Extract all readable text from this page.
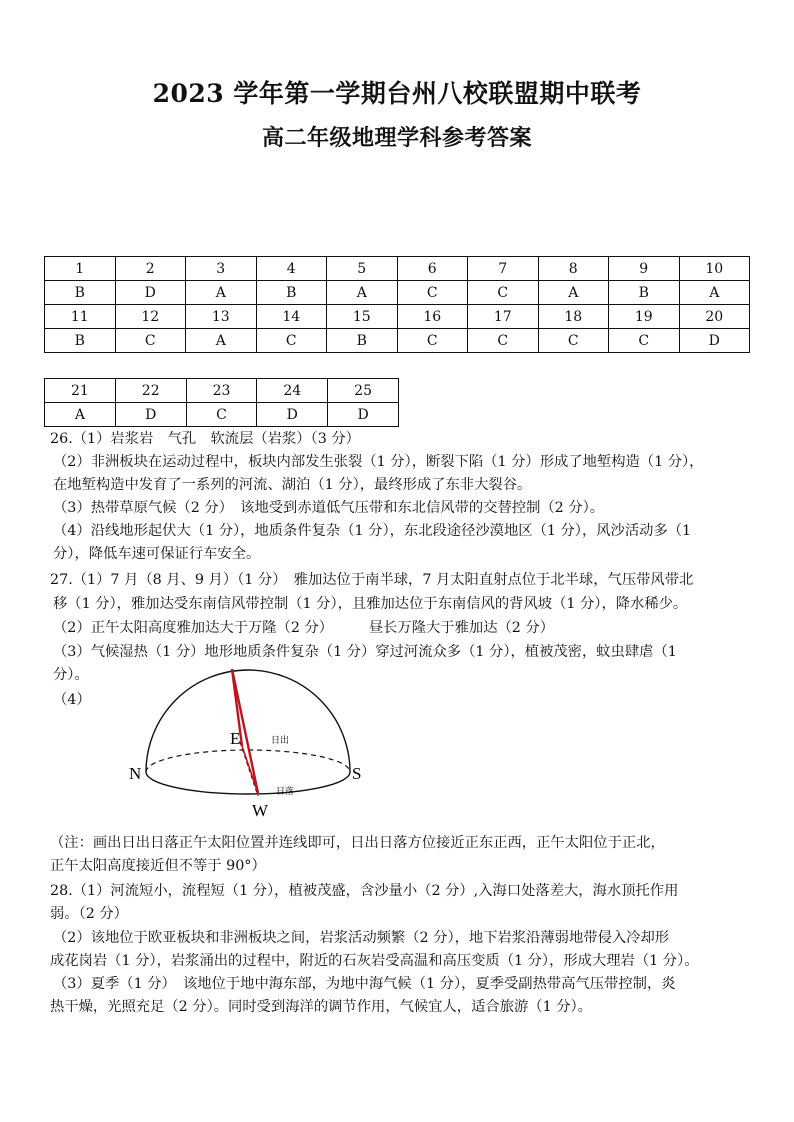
2023 学年第一学期台州八校联盟期中联考
高二年级地理学科参考答案
1	2	3	4	5	6	7	8	9	10
B	D	A	B	A	C	C	A	B	A
11	12	13	14	15	16	17	18	19	20
B	C	A	C	B	C	C	C	C	D
21	22	23	24	25
A	D	C	D	D
26.（1）岩浆岩　气孔　软流层（岩浆）（3 分）
（2）非洲板块在运动过程中，板块内部发生张裂（1 分），断裂下陷（1 分）形成了地堑构造（1 分），
在地堑构造中发育了一系列的河流、湖泊（1 分），最终形成了东非大裂谷。
（3）热带草原气候（2 分）　该地受到赤道低气压带和东北信风带的交替控制（2 分）。
（4）沿线地形起伏大（1 分），地质条件复杂（1 分），东北段途径沙漠地区（1 分），风沙活动多（1
分），降低车速可保证行车安全。
27.（1）7 月（8 月、9 月）（1 分）　雅加达位于南半球，7 月太阳直射点位于北半球，气压带风带北
移（1 分），雅加达受东南信风带控制（1 分），且雅加达位于东南信风的背风坡（1 分），降水稀少。
（2）正午太阳高度雅加达大于万隆（2 分）　　　昼长万隆大于雅加达（2 分）
（3）气候湿热（1 分）地形地质条件复杂（1 分）穿过河流众多（1 分），植被茂密，蚊虫肆虐（1
分）。
（4）
E	日出
N	S
日落
W
（注：画出日出日落正午太阳位置并连线即可，日出日落方位接近正东正西，正午太阳位于正北，
正午太阳高度接近但不等于 90°）
28.（1）河流短小，流程短（1 分），植被茂盛，含沙量小（2 分）,入海口处落差大，海水顶托作用
弱。（2 分）
（2）该地位于欧亚板块和非洲板块之间，岩浆活动频繁（2 分），地下岩浆沿薄弱地带侵入冷却形
成花岗岩（1 分），岩浆涌出的过程中，附近的石灰岩受高温和高压变质（1 分），形成大理岩（1 分）。
（3）夏季（1 分）　该地位于地中海东部，为地中海气候（1 分），夏季受副热带高气压带控制，炎
热干燥，光照充足（2 分）。同时受到海洋的调节作用，气候宜人，适合旅游（1 分）。
